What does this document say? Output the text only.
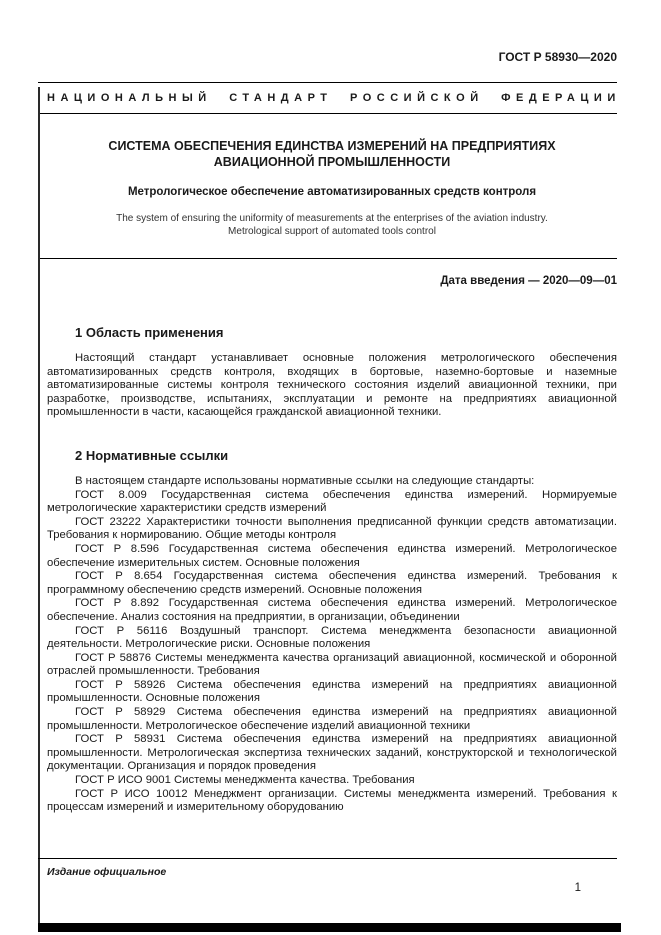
ГОСТ Р 58930—2020
НАЦИОНАЛЬНЫЙ СТАНДАРТ РОССИЙСКОЙ ФЕДЕРАЦИИ
СИСТЕМА ОБЕСПЕЧЕНИЯ ЕДИНСТВА ИЗМЕРЕНИЙ НА ПРЕДПРИЯТИЯХ АВИАЦИОННОЙ ПРОМЫШЛЕННОСТИ
Метрологическое обеспечение автоматизированных средств контроля
The system of ensuring the uniformity of measurements at the enterprises of the aviation industry.
Metrological support of automated tools control
Дата введения — 2020—09—01
1 Область применения

Настоящий стандарт устанавливает основные положения метрологического обеспечения автоматизированных средств контроля, входящих в бортовые, наземно-бортовые и наземные автоматизированные системы контроля технического состояния изделий авиационной техники, при разработке, производстве, испытаниях, эксплуатации и ремонте на предприятиях авиационной промышленности в части, касающейся гражданской авиационной техники.

2 Нормативные ссылки

В настоящем стандарте использованы нормативные ссылки на следующие стандарты:

ГОСТ 8.009 Государственная система обеспечения единства измерений. Нормируемые метрологические характеристики средств измерений

ГОСТ 23222 Характеристики точности выполнения предписанной функции средств автоматизации. Требования к нормированию. Общие методы контроля

ГОСТ Р 8.596 Государственная система обеспечения единства измерений. Метрологическое обеспечение измерительных систем. Основные положения

ГОСТ Р 8.654 Государственная система обеспечения единства измерений. Требования к программному обеспечению средств измерений. Основные положения

ГОСТ Р 8.892 Государственная система обеспечения единства измерений. Метрологическое обеспечение. Анализ состояния на предприятии, в организации, объединении

ГОСТ Р 56116 Воздушный транспорт. Система менеджмента безопасности авиационной деятельности. Метрологические риски. Основные положения

ГОСТ Р 58876 Системы менеджмента качества организаций авиационной, космической и оборонной отраслей промышленности. Требования

ГОСТ Р 58926 Система обеспечения единства измерений на предприятиях авиационной промышленности. Основные положения

ГОСТ Р 58929 Система обеспечения единства измерений на предприятиях авиационной промышленности. Метрологическое обеспечение изделий авиационной техники

ГОСТ Р 58931 Система обеспечения единства измерений на предприятиях авиационной промышленности. Метрологическая экспертиза технических заданий, конструкторской и технологической документации. Организация и порядок проведения

ГОСТ Р ИСО 9001 Системы менеджмента качества. Требования

ГОСТ Р ИСО 10012 Менеджмент организации. Системы менеджмента измерений. Требования к процессам измерений и измерительному оборудованию

Издание официальное
1
